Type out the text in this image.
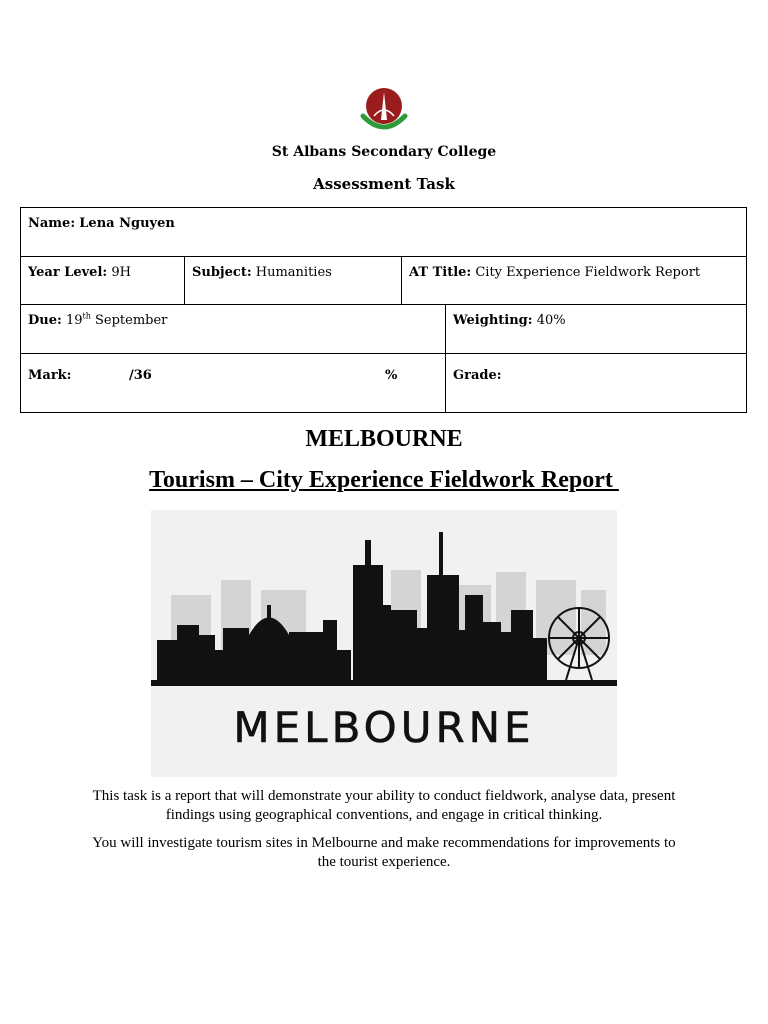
St Albans Secondary College
Assessment Task
Name: Lena Nguyen
Year Level: 9H	Subject: Humanities	AT Title: City Experience Fieldwork Report
Due: 19th September	Weighting: 40%
Mark:	/36	%	Grade:
MELBOURNE
Tourism – City Experience Fieldwork Report
MELBOURNE
This task is a report that will demonstrate your ability to conduct fieldwork, analyse data, present findings using geographical conventions, and engage in critical thinking.
You will investigate tourism sites in Melbourne and make recommendations for improvements to the tourist experience.
